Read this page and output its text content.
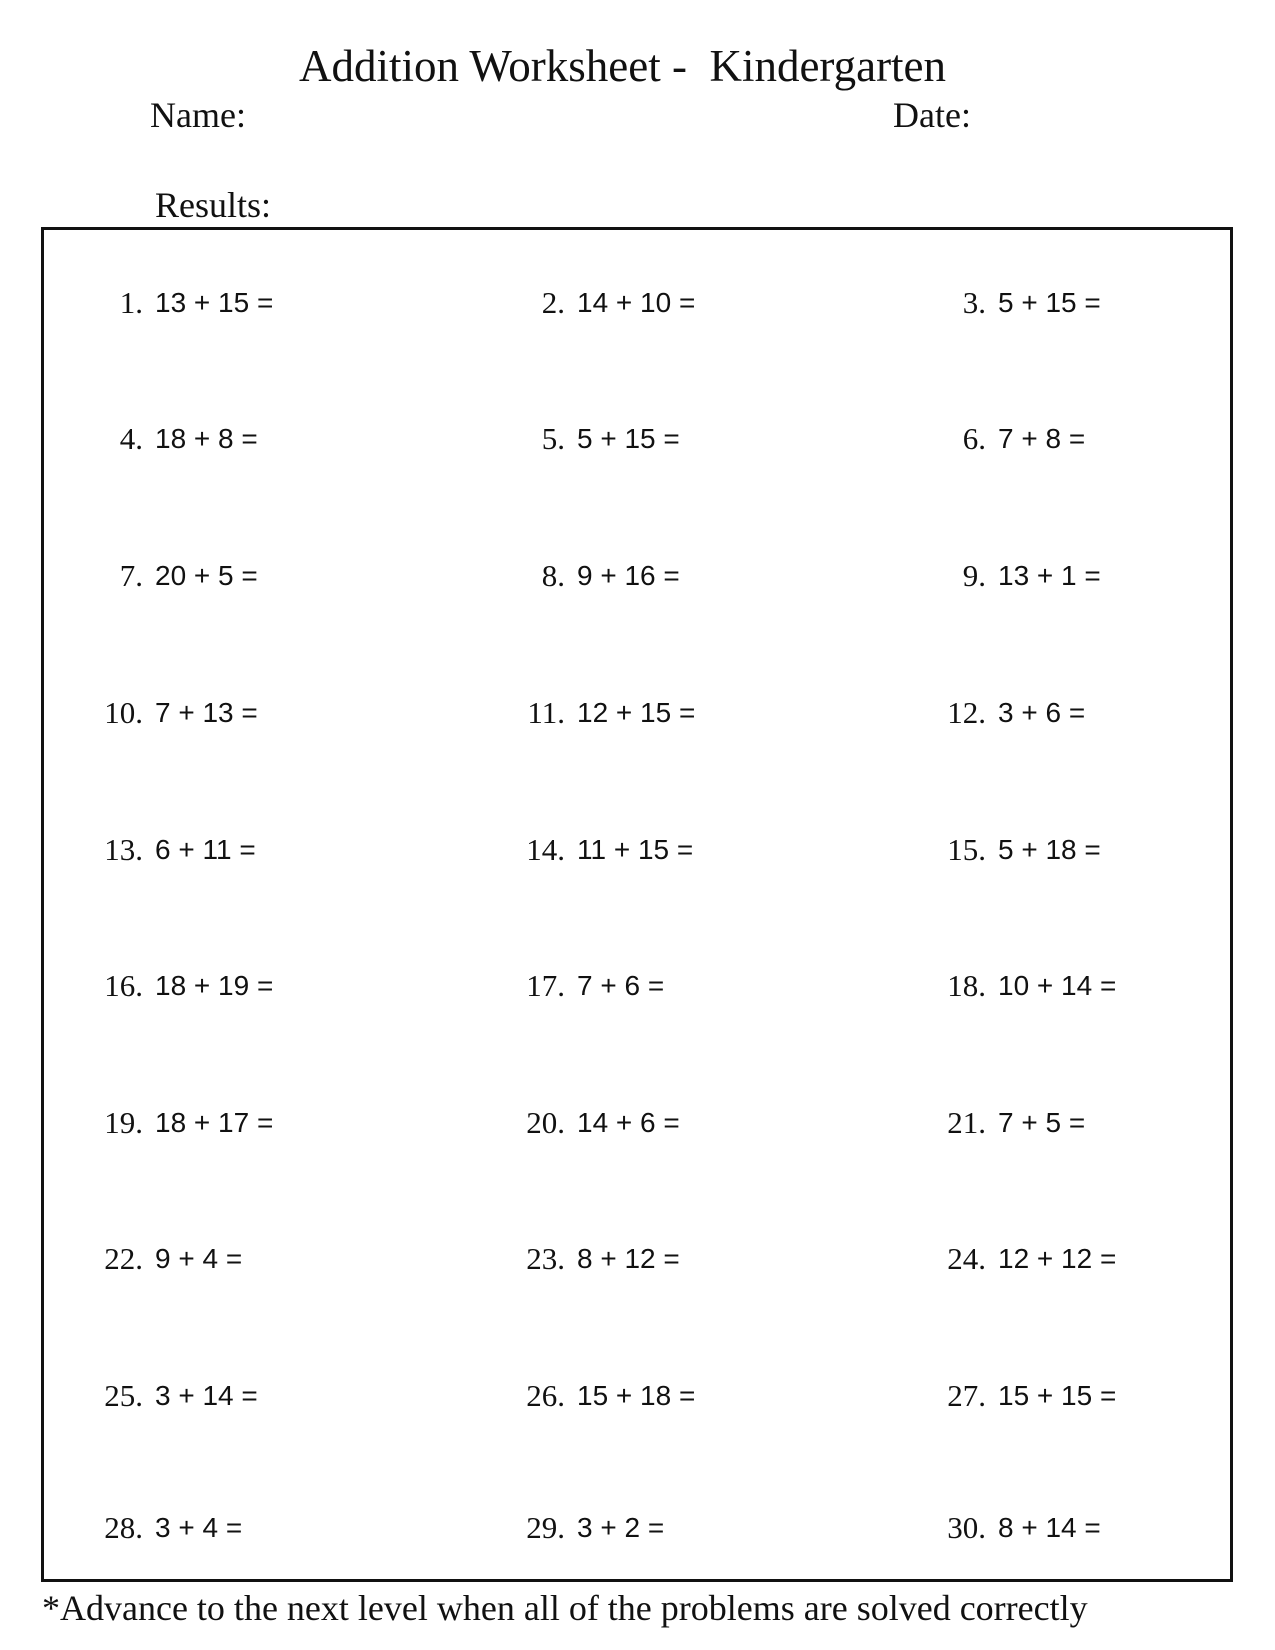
Addition Worksheet -  Kindergarten
Name:	Date:
Results:
1. 13 + 15 =	2. 14 + 10 =	3. 5 + 15 =
4. 18 + 8 =	5. 5 + 15 =	6. 7 + 8 =
7. 20 + 5 =	8. 9 + 16 =	9. 13 + 1 =
10. 7 + 13 =	11. 12 + 15 =	12. 3 + 6 =
13. 6 + 11 =	14. 11 + 15 =	15. 5 + 18 =
16. 18 + 19 =	17. 7 + 6 =	18. 10 + 14 =
19. 18 + 17 =	20. 14 + 6 =	21. 7 + 5 =
22. 9 + 4 =	23. 8 + 12 =	24. 12 + 12 =
25. 3 + 14 =	26. 15 + 18 =	27. 15 + 15 =
28. 3 + 4 =	29. 3 + 2 =	30. 8 + 14 =
*Advance to the next level when all of the problems are solved correctly
